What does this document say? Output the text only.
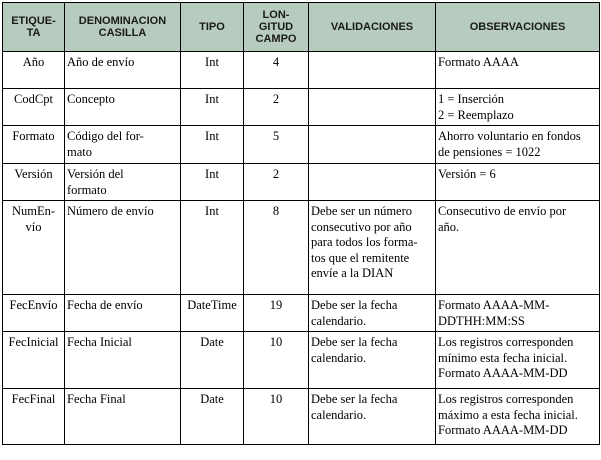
ETIQUE-
TA	DENOMINACION
CASILLA	TIPO	LON-
GITUD
CAMPO	VALIDACIONES	OBSERVACIONES
Año	Año de envío	Int	4		Formato AAAA
CodCpt	Concepto	Int	2		1 = Inserción
2 = Reemplazo
Formato	Código del for-
mato	Int	5		Ahorro voluntario en fondos
de pensiones = 1022
Versión	Versión del
formato	Int	2		Versión = 6
NumEn-
vío	Número de envío	Int	8	Debe ser un número
consecutivo por año
para todos los forma-
tos que el remitente
envíe a la DIAN	Consecutivo de envío por
año.
FecEnvío	Fecha de envío	DateTime	19	Debe ser la fecha
calendario.	Formato AAAA-MM-
DDTHH:MM:SS
FecInicial	Fecha Inicial	Date	10	Debe ser la fecha
calendario.	Los registros corresponden
mínimo esta fecha inicial.
Formato AAAA-MM-DD
FecFinal	Fecha Final	Date	10	Debe ser la fecha
calendario.	Los registros corresponden
máximo a esta fecha inicial.
Formato AAAA-MM-DD
